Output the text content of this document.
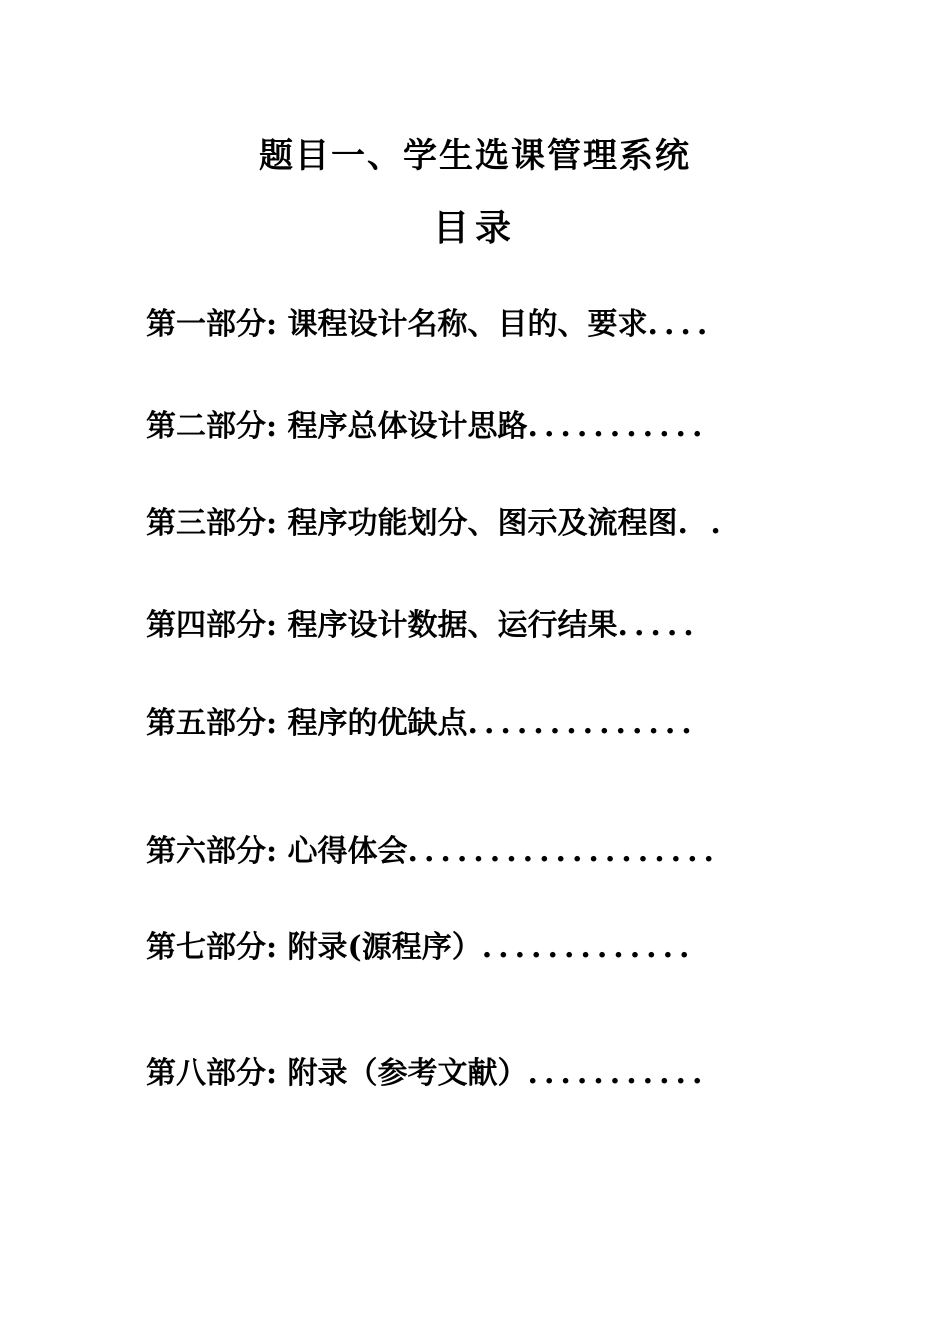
题目一、学生选课管理系统
目录
第一部分: 课程设计名称、目的、要求....
第二部分: 程序总体设计思路...........
第三部分: 程序功能划分、图示及流程图. .
第四部分: 程序设计数据、运行结果.....
第五部分: 程序的优缺点..............
第六部分: 心得体会...................
第七部分: 附录(源程序）.............
第八部分: 附录（参考文献）...........
